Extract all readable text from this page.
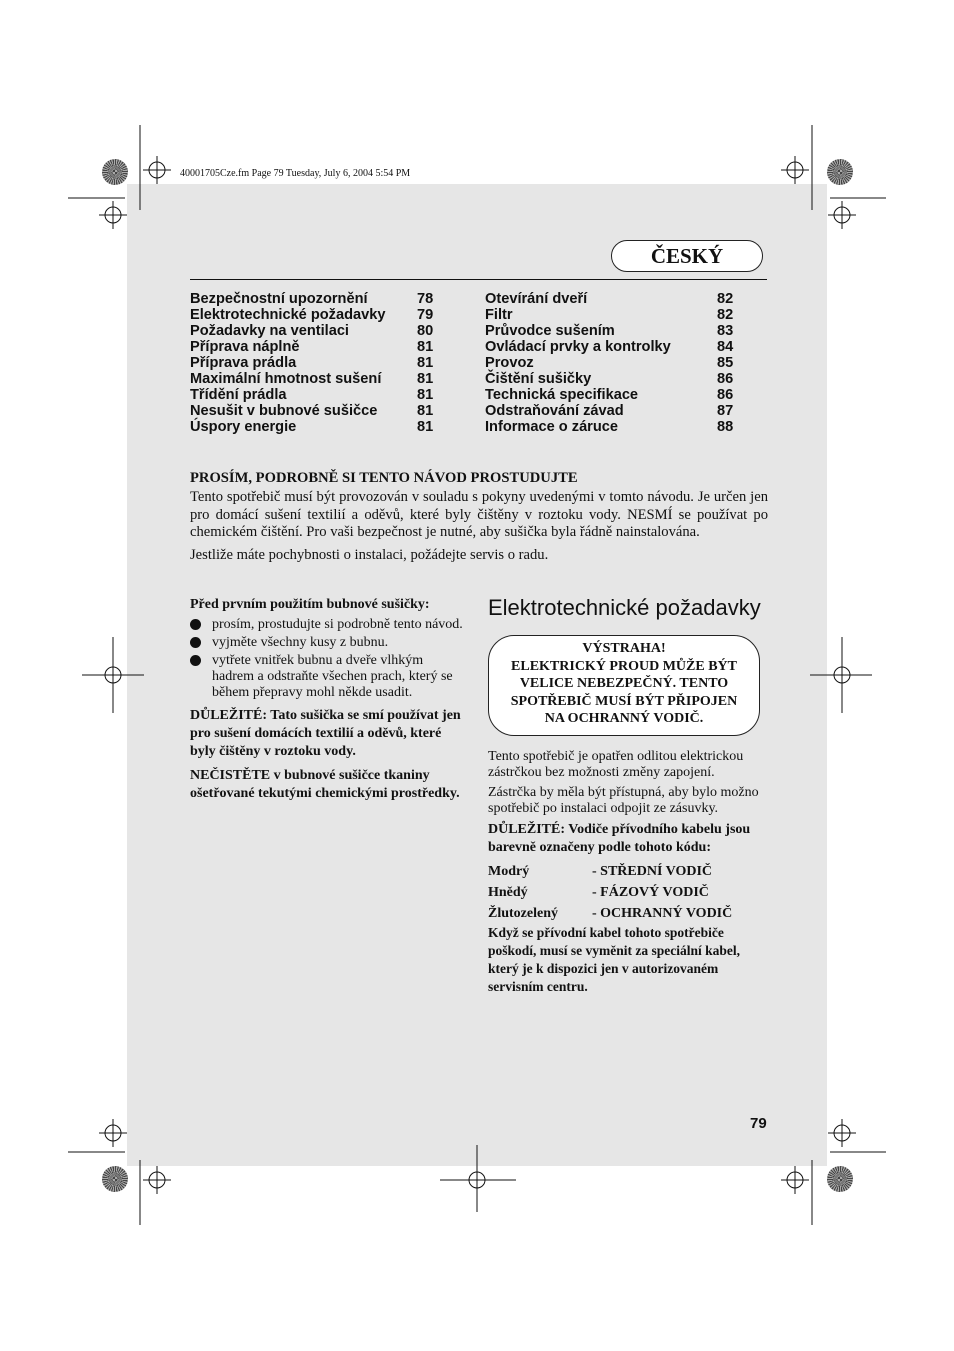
40001705Cze.fm Page 79 Tuesday, July 6, 2004 5:54 PM
ČESKÝ
Bezpečnostní upozornění	78
Elektrotechnické požadavky 79
Požadavky na ventilaci	80
Příprava náplně	81
Příprava prádla	81
Maximální hmotnost sušení 81
Třídění prádla	81
Nesušit v bubnové sušičce	81
Úspory energie	81
Otevírání dveří	82
Filtr	82
Průvodce sušením	83
Ovládací prvky a kontrolky	84
Provoz	85
Čištění sušičky	86
Technická specifikace	86
Odstraňování závad	87
Informace o záruce	88
PROSÍM, PODROBNĚ SI TENTO NÁVOD PROSTUDUJTE

Tento spotřebič musí být provozován v souladu s pokyny uvedenými v tomto návodu. Je určen jen pro domácí sušení textilií a oděvů, které byly čištěny v roztoku vody. NESMÍ se používat po chemickém čištění. Pro vaši bezpečnost je nutné, aby sušička byla řádně nainstalována.

Jestliže máte pochybnosti o instalaci, požádejte servis o radu.

Před prvním použitím bubnové sušičky:
prosím, prostudujte si podrobně tento návod.
vyjměte všechny kusy z bubnu.
vytřete vnitřek bubnu a dveře vlhkým hadrem a odstraňte všechen prach, který se během přepravy mohl někde usadit.

DŮLEŽITÉ: Tato sušička se smí používat jen pro sušení domácích textilií a oděvů, které byly čištěny v roztoku vody.

NEČISTĚTE v bubnové sušičce tkaniny ošetřované tekutými chemickými prostředky.

Elektrotechnické požadavky
VÝSTRAHA!
ELEKTRICKÝ PROUD MŮŽE BÝT
VELICE NEBEZPEČNÝ. TENTO
SPOTŘEBIČ MUSÍ BÝT PŘIPOJEN
NA OCHRANNÝ VODIČ.

Tento spotřebič je opatřen odlitou elektrickou zástrčkou bez možnosti změny zapojení.

Zástrčka by měla být přístupná, aby bylo možno spotřebič po instalaci odpojit ze zásuvky.

DŮLEŽITÉ: Vodiče přívodního kabelu jsou barevně označeny podle tohoto kódu:

Modrý	- STŘEDNÍ VODIČ
Hnědý	- FÁZOVÝ VODIČ
Žlutozelený	- OCHRANNÝ VODIČ

Když se přívodní kabel tohoto spotřebiče poškodí, musí se vyměnit za speciální kabel, který je k dispozici jen v autorizovaném servisním centru.

79
